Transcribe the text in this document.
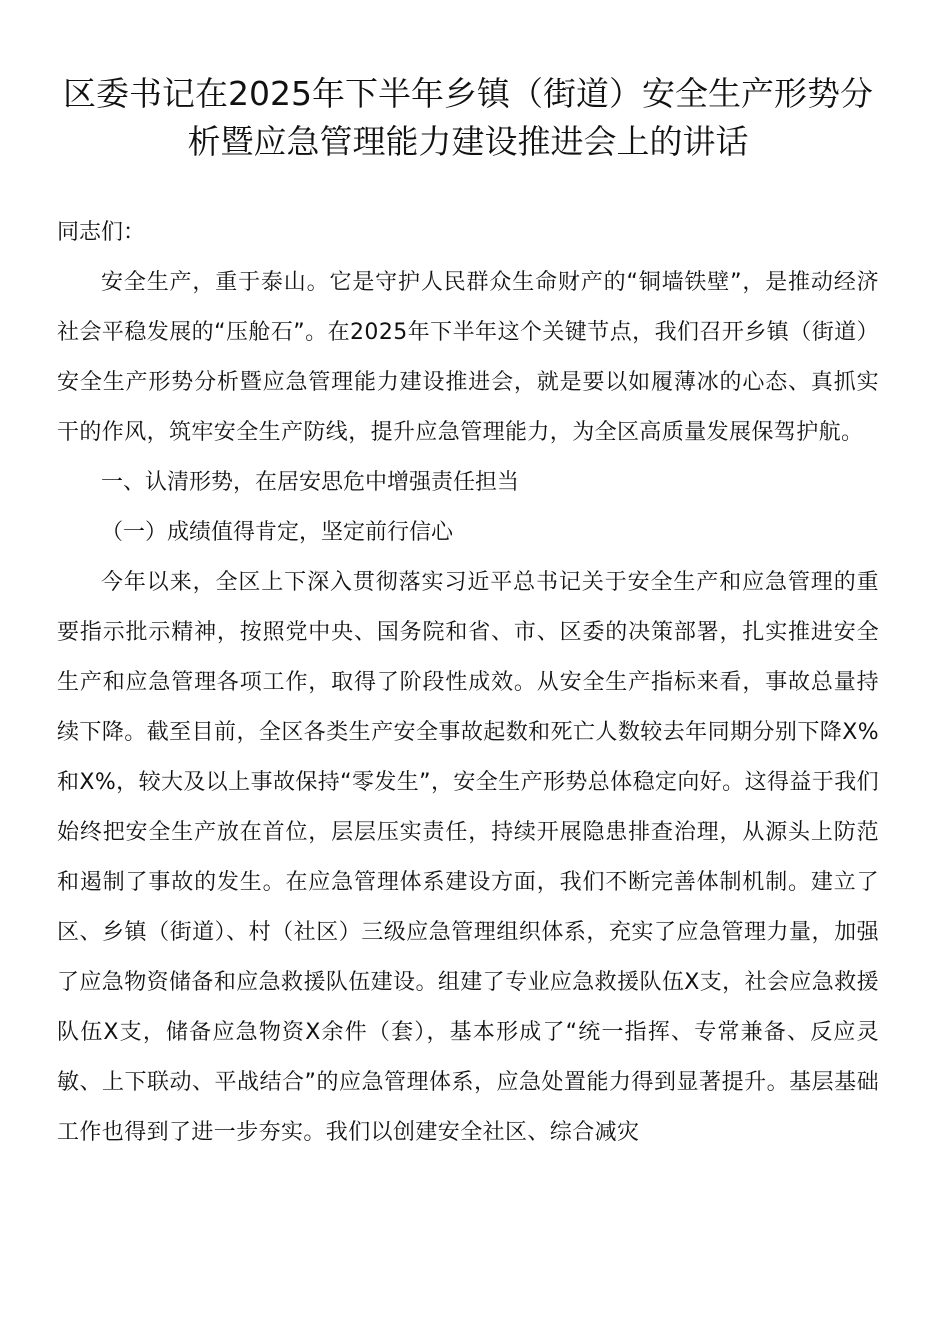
区委书记在2025年下半年乡镇（街道）安全生产形势分析暨应急管理能力建设推进会上的讲话

同志们：

安全生产，重于泰山。它是守护人民群众生命财产的“铜墙铁壁”，是推动经济社会平稳发展的“压舱石”。在2025年下半年这个关键节点，我们召开乡镇（街道）安全生产形势分析暨应急管理能力建设推进会，就是要以如履薄冰的心态、真抓实干的作风，筑牢安全生产防线，提升应急管理能力，为全区高质量发展保驾护航。

一、认清形势，在居安思危中增强责任担当

（一）成绩值得肯定，坚定前行信心

今年以来，全区上下深入贯彻落实习近平总书记关于安全生产和应急管理的重要指示批示精神，按照党中央、国务院和省、市、区委的决策部署，扎实推进安全生产和应急管理各项工作，取得了阶段性成效。从安全生产指标来看，事故总量持续下降。截至目前，全区各类生产安全事故起数和死亡人数较去年同期分别下降X%和X%，较大及以上事故保持“零发生”，安全生产形势总体稳定向好。这得益于我们始终把安全生产放在首位，层层压实责任，持续开展隐患排查治理，从源头上防范和遏制了事故的发生。在应急管理体系建设方面，我们不断完善体制机制。建立了区、乡镇（街道）、村（社区）三级应急管理组织体系，充实了应急管理力量，加强了应急物资储备和应急救援队伍建设。组建了专业应急救援队伍X支，社会应急救援队伍X支，储备应急物资X余件（套），基本形成了“统一指挥、专常兼备、反应灵敏、上下联动、平战结合”的应急管理体系，应急处置能力得到显著提升。基层基础工作也得到了进一步夯实。我们以创建安全社区、综合减灾
